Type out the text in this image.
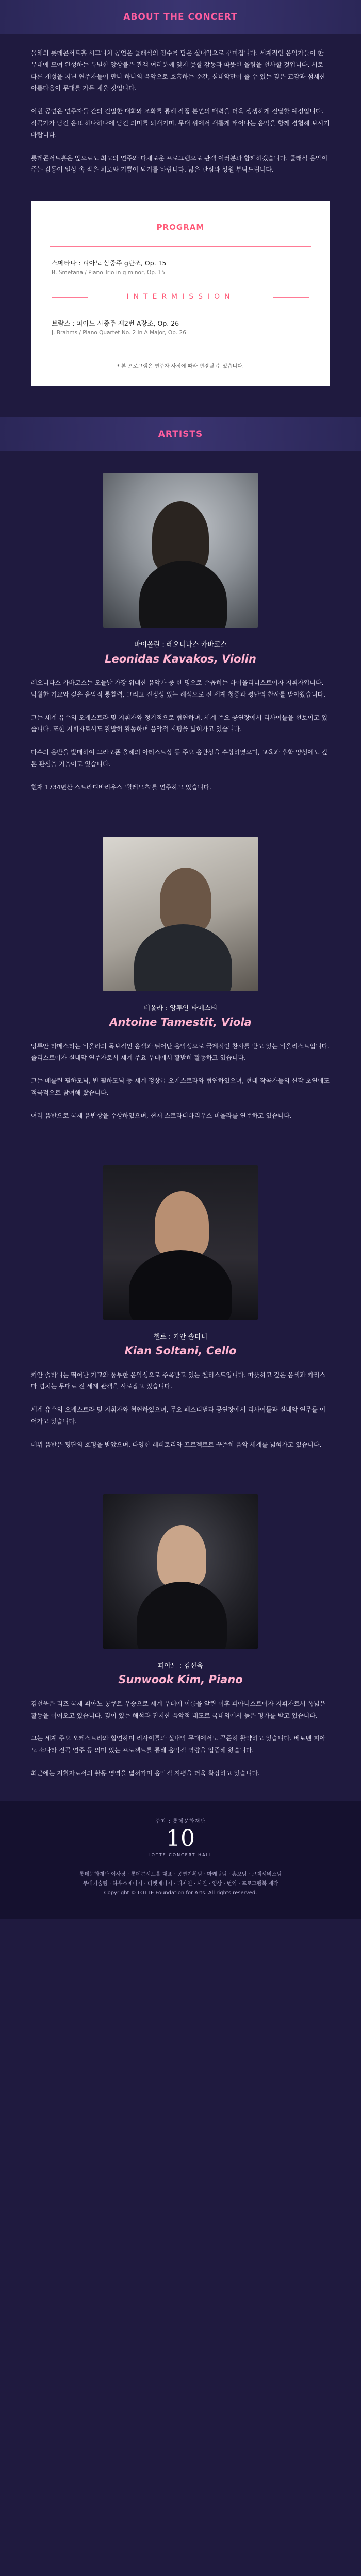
ABOUT THE CONCERT

올해의 롯데콘서트홀 시그니처 공연은 클래식의 정수를 담은 실내악으로 꾸며집니다. 세계적인 음악가들이 한 무대에 모여 완성하는 특별한 앙상블은 관객 여러분께 잊지 못할 감동과 따뜻한 울림을 선사할 것입니다. 서로 다른 개성을 지닌 연주자들이 만나 하나의 음악으로 호흡하는 순간, 실내악만이 줄 수 있는 깊은 교감과 섬세한 아름다움이 무대를 가득 채울 것입니다.

이번 공연은 연주자들 간의 긴밀한 대화와 조화를 통해 작품 본연의 매력을 더욱 생생하게 전달할 예정입니다. 작곡가가 남긴 음표 하나하나에 담긴 의미를 되새기며, 무대 위에서 새롭게 태어나는 음악을 함께 경험해 보시기 바랍니다.

롯데콘서트홀은 앞으로도 최고의 연주와 다채로운 프로그램으로 관객 여러분과 함께하겠습니다. 클래식 음악이 주는 감동이 일상 속 작은 위로와 기쁨이 되기를 바랍니다. 많은 관심과 성원 부탁드립니다.

PROGRAM
스메타나 : 피아노 삼중주 g단조, Op. 15
B. Smetana / Piano Trio in g minor, Op. 15
INTERMISSION
브람스 : 피아노 사중주 제2번 A장조, Op. 26
J. Brahms / Piano Quartet No. 2 in A Major, Op. 26
* 본 프로그램은 연주자 사정에 따라 변경될 수 있습니다.
ARTISTS
바이올린 : 레오니다스 카바코스
Leonidas Kavakos, Violin

레오니다스 카바코스는 오늘날 가장 위대한 음악가 중 한 명으로 손꼽히는 바이올리니스트이자 지휘자입니다. 탁월한 기교와 깊은 음악적 통찰력, 그리고 진정성 있는 해석으로 전 세계 청중과 평단의 찬사를 받아왔습니다.

그는 세계 유수의 오케스트라 및 지휘자와 정기적으로 협연하며, 세계 주요 공연장에서 리사이틀을 선보이고 있습니다. 또한 지휘자로서도 활발히 활동하며 음악적 지평을 넓혀가고 있습니다.

다수의 음반을 발매하여 그라모폰 올해의 아티스트상 등 주요 음반상을 수상하였으며, 교육과 후학 양성에도 깊은 관심을 기울이고 있습니다.

현재 1734년산 스트라디바리우스 '윌레모츠'를 연주하고 있습니다.

비올라 : 앙투안 타메스티
Antoine Tamestit, Viola

앙투안 타메스티는 비올라의 독보적인 음색과 뛰어난 음악성으로 국제적인 찬사를 받고 있는 비올리스트입니다. 솔리스트이자 실내악 연주자로서 세계 주요 무대에서 활발히 활동하고 있습니다.

그는 베를린 필하모닉, 빈 필하모닉 등 세계 정상급 오케스트라와 협연하였으며, 현대 작곡가들의 신작 초연에도 적극적으로 참여해 왔습니다.

여러 음반으로 국제 음반상을 수상하였으며, 현재 스트라디바리우스 비올라를 연주하고 있습니다.

첼로 : 키안 솔타니
Kian Soltani, Cello

키안 솔타니는 뛰어난 기교와 풍부한 음악성으로 주목받고 있는 첼리스트입니다. 따뜻하고 깊은 음색과 카리스마 넘치는 무대로 전 세계 관객을 사로잡고 있습니다.

세계 유수의 오케스트라 및 지휘자와 협연하였으며, 주요 페스티벌과 공연장에서 리사이틀과 실내악 연주를 이어가고 있습니다.

데뷔 음반은 평단의 호평을 받았으며, 다양한 레퍼토리와 프로젝트로 꾸준히 음악 세계를 넓혀가고 있습니다.

피아노 : 김선욱
Sunwook Kim, Piano

김선욱은 리즈 국제 피아노 콩쿠르 우승으로 세계 무대에 이름을 알린 이후 피아니스트이자 지휘자로서 폭넓은 활동을 이어오고 있습니다. 깊이 있는 해석과 진지한 음악적 태도로 국내외에서 높은 평가를 받고 있습니다.

그는 세계 주요 오케스트라와 협연하며 리사이틀과 실내악 무대에서도 꾸준히 활약하고 있습니다. 베토벤 피아노 소나타 전곡 연주 등 의미 있는 프로젝트를 통해 음악적 역량을 입증해 왔습니다.

최근에는 지휘자로서의 활동 영역을 넓혀가며 음악적 지평을 더욱 확장하고 있습니다.

주최 : 롯데문화재단
10
LOTTE CONCERT HALL
롯데문화재단 이사장 · 롯데콘서트홀 대표 · 공연기획팀 · 마케팅팀 · 홍보팀 · 고객서비스팀
무대기술팀 · 하우스매니저 · 티켓매니저 · 디자인 · 사진 · 영상 · 번역 · 프로그램북 제작
Copyright © LOTTE Foundation for Arts. All rights reserved.
